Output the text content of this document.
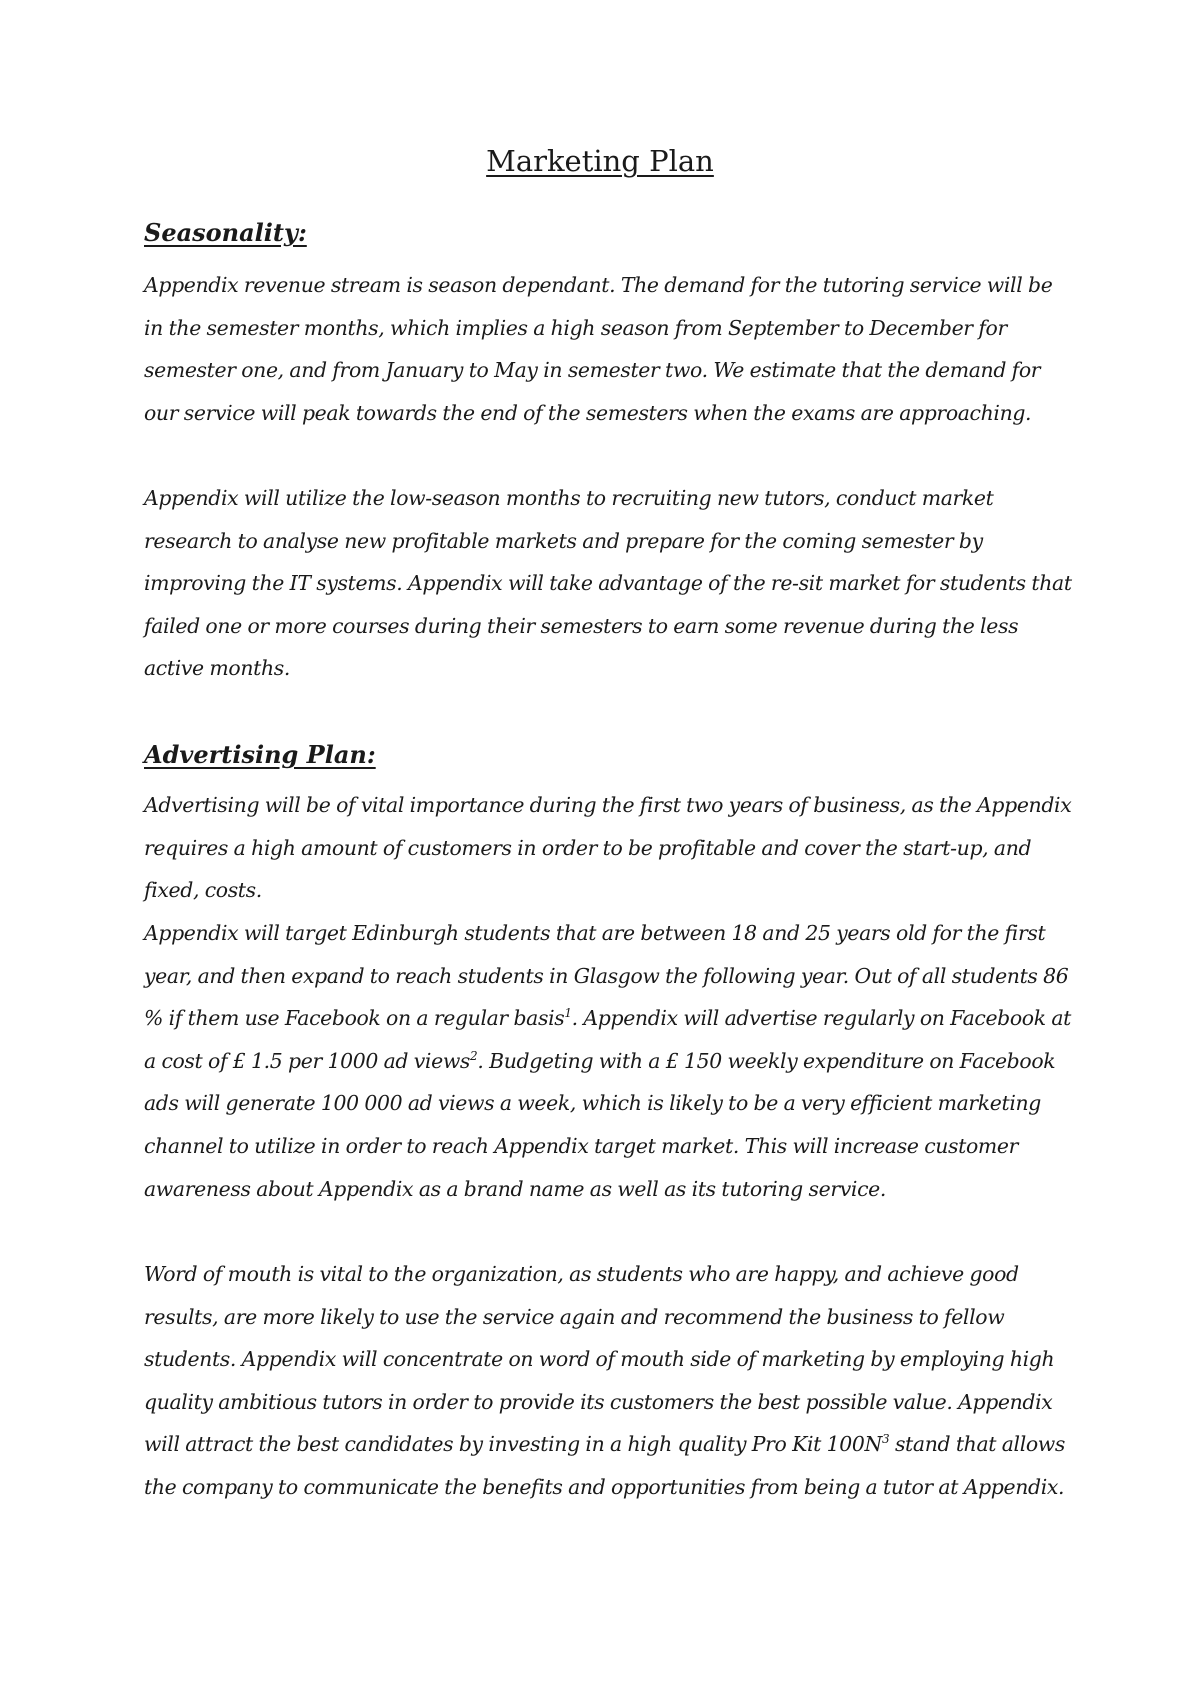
Marketing Plan
Seasonality:

Appendix revenue stream is season dependant. The demand for the tutoring service will be in the semester months, which implies a high season from September to December for semester one, and from January to May in semester two. We estimate that the demand for our service will peak towards the end of the semesters when the exams are approaching.

Appendix will utilize the low-season months to recruiting new tutors, conduct market research to analyse new profitable markets and prepare for the coming semester by improving the IT systems. Appendix will take advantage of the re-sit market for students that failed one or more courses during their semesters to earn some revenue during the less active months.

Advertising Plan:

Advertising will be of vital importance during the first two years of business, as the Appendix requires a high amount of customers in order to be profitable and cover the start-up, and fixed, costs.

Appendix will target Edinburgh students that are between 18 and 25 years old for the first year, and then expand to reach students in Glasgow the following year. Out of all students 86 % if them use Facebook on a regular basis$^1$. Appendix will advertise regularly on Facebook at a cost of £ 1.5 per 1000 ad views$^2$. Budgeting with a £ 150 weekly expenditure on Facebook ads will generate 100 000 ad views a week, which is likely to be a very efficient marketing channel to utilize in order to reach Appendix target market. This will increase customer awareness about Appendix as a brand name as well as its tutoring service.

Word of mouth is vital to the organization, as students who are happy, and achieve good results, are more likely to use the service again and recommend the business to fellow students. Appendix will concentrate on word of mouth side of marketing by employing high quality ambitious tutors in order to provide its customers the best possible value. Appendix will attract the best candidates by investing in a high quality Pro Kit $100N^3$ stand that allows the company to communicate the benefits and opportunities from being a tutor at Appendix.
